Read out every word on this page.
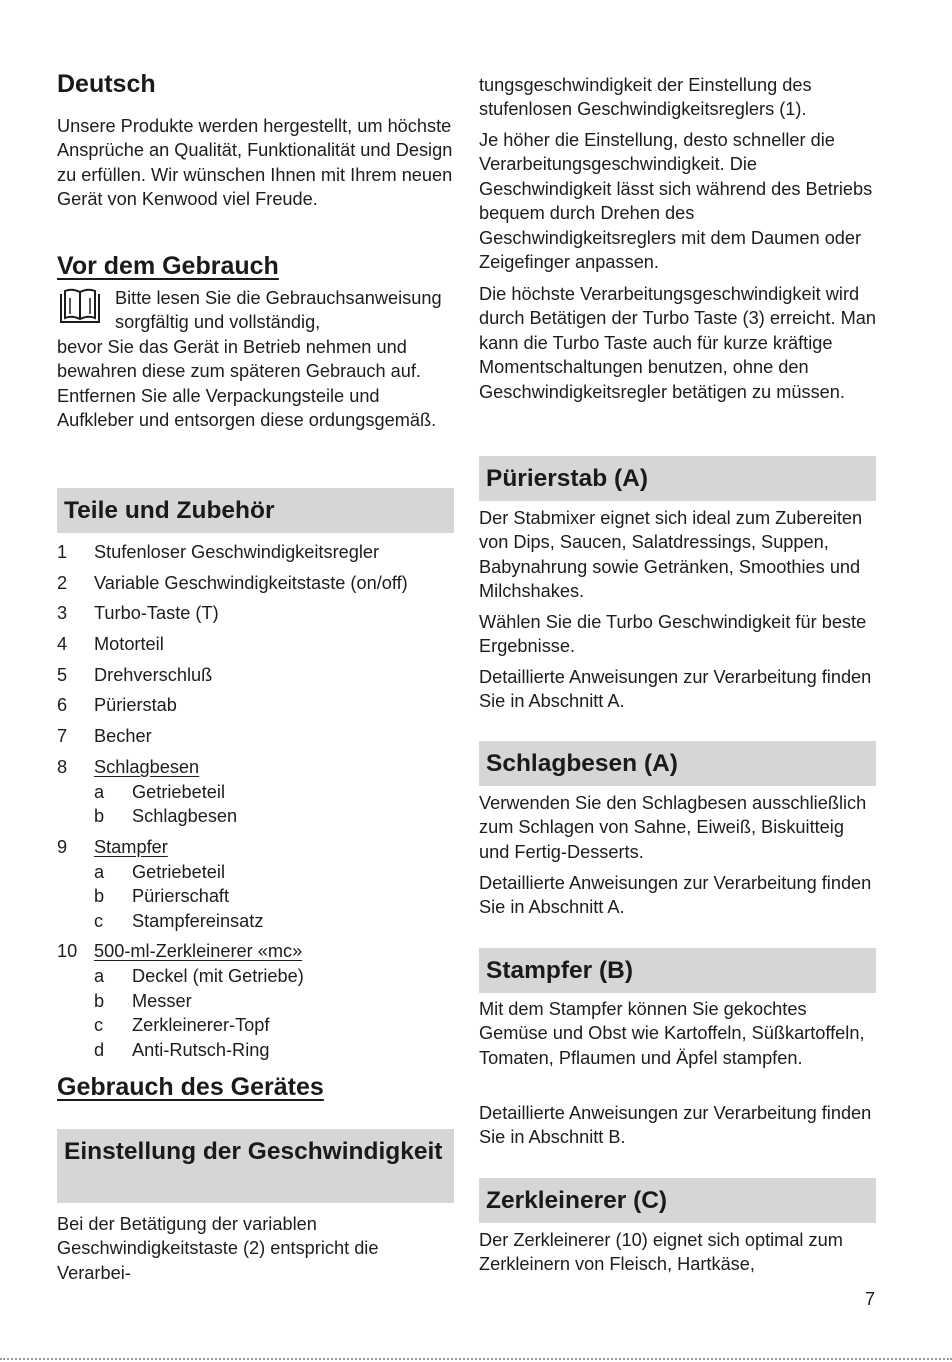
Deutsch

Unsere Produkte werden hergestellt, um höchste Ansprüche an Qualität, Funktionalität und Design zu erfüllen. Wir wünschen Ihnen mit Ihrem neuen Gerät von Kenwood viel Freude.

Vor dem Gebrauch

Bitte lesen Sie die Gebrauchsanweisung sorgfältig und vollständig,

bevor Sie das Gerät in Betrieb nehmen und bewahren diese zum späteren Gebrauch auf. Entfernen Sie alle Verpackungsteile und Aufkleber und entsorgen diese ordungsgemäß.

Teile und Zubehör
1	Stufenloser Geschwindigkeitsregler
2	Variable Geschwindigkeitstaste (on/off)
3	Turbo-Taste (T)
4	Motorteil
5	Drehverschluß
6	Pürierstab
7	Becher
8	Schlagbesen
a	Getriebeteil
b	Schlagbesen
9	Stampfer
a	Getriebeteil
b	Pürierschaft
c	Stampfereinsatz
10 500-ml-Zerkleinerer «mc»
a	Deckel (mit Getriebe)
b	Messer
c	Zerkleinerer-Topf
d	Anti-Rutsch-Ring
Gebrauch des Gerätes
Einstellung der Geschwindigkeit

Bei der Betätigung der variablen Geschwindigkeitstaste (2) entspricht die Verarbei-

tungsgeschwindigkeit der Einstellung des stufenlosen Geschwindigkeitsreglers (1).

Je höher die Einstellung, desto schneller die Verarbeitungsgeschwindigkeit. Die Geschwindigkeit lässt sich während des Betriebs bequem durch Drehen des Geschwindigkeitsreglers mit dem Daumen oder Zeigefinger anpassen.

Die höchste Verarbeitungsgeschwindigkeit wird durch Betätigen der Turbo Taste (3) erreicht. Man kann die Turbo Taste auch für kurze kräftige Momentschaltungen benutzen, ohne den Geschwindigkeitsregler betätigen zu müssen.

Pürierstab (A)

Der Stabmixer eignet sich ideal zum Zubereiten von Dips, Saucen, Salatdressings, Suppen, Babynahrung sowie Getränken, Smoothies und Milchshakes.

Wählen Sie die Turbo Geschwindigkeit für beste Ergebnisse.

Detaillierte Anweisungen zur Verarbeitung finden Sie in Abschnitt A.

Schlagbesen (A)

Verwenden Sie den Schlagbesen ausschließlich zum Schlagen von Sahne, Eiweiß, Biskuitteig und Fertig-Desserts.

Detaillierte Anweisungen zur Verarbeitung finden Sie in Abschnitt A.

Stampfer (B)

Mit dem Stampfer können Sie gekochtes Gemüse und Obst wie Kartoffeln, Süßkartoffeln, Tomaten, Pflaumen und Äpfel stampfen.

Detaillierte Anweisungen zur Verarbeitung finden Sie in Abschnitt B.

Zerkleinerer (C)

Der Zerkleinerer (10) eignet sich optimal zum Zerkleinern von Fleisch, Hartkäse,

7
